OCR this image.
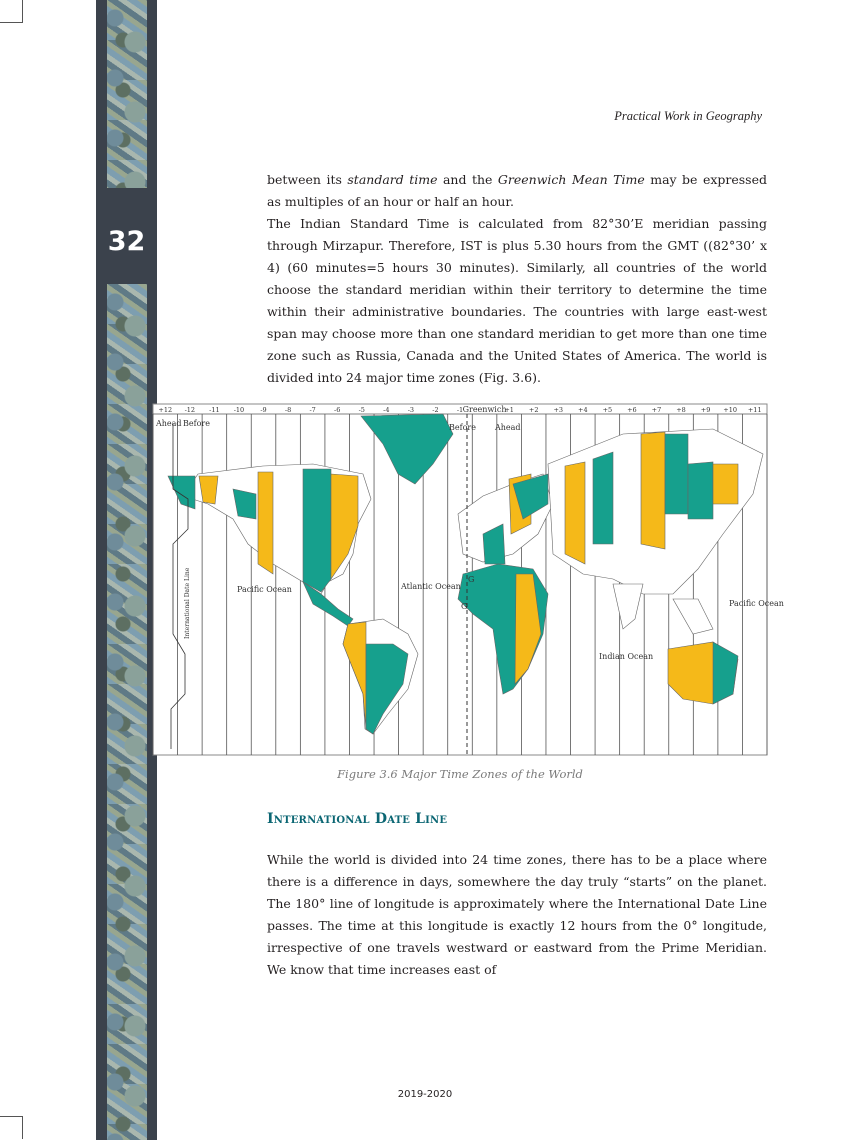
32
Practical Work in Geography

between its standard time and the Greenwich Mean Time may be expressed as multiples of an hour or half an hour.

The Indian Standard Time is calculated from 82°30’E meridian passing through Mirzapur. Therefore, IST is plus 5.30 hours from the GMT ((82°30’ x 4) (60 minutes=5 hours 30 minutes). Similarly, all countries of the world choose the standard meridian within their territory to determine the time within their administrative boundaries. The countries with large east-west span may choose more than one standard meridian to get more than one time zone such as Russia, Canada and the United States of America. The world is divided into 24 major time zones (Fig. 3.6).

+12 -12 -11 -10 -9	-8	-7	-6	-5	-4	-3	-2	-1 Greenwich
+1 +2 +3 +4 +5 +6 +7 +8 +9 +10 +11
Ahead Before	Before Ahead
Pacific Ocean	Atlantic Ocean
Indian Ocean
Pacific Ocean
G
G
International Date Line
Figure 3.6 Major Time Zones of the World
International Date Line

While the world is divided into 24 time zones, there has to be a place where there is a difference in days, somewhere the day truly “starts” on the planet. The 180° line of longitude is approximately where the International Date Line passes. The time at this longitude is exactly 12 hours from the 0° longitude, irrespective of one travels westward or eastward from the Prime Meridian. We know that time increases east of

2019-2020
